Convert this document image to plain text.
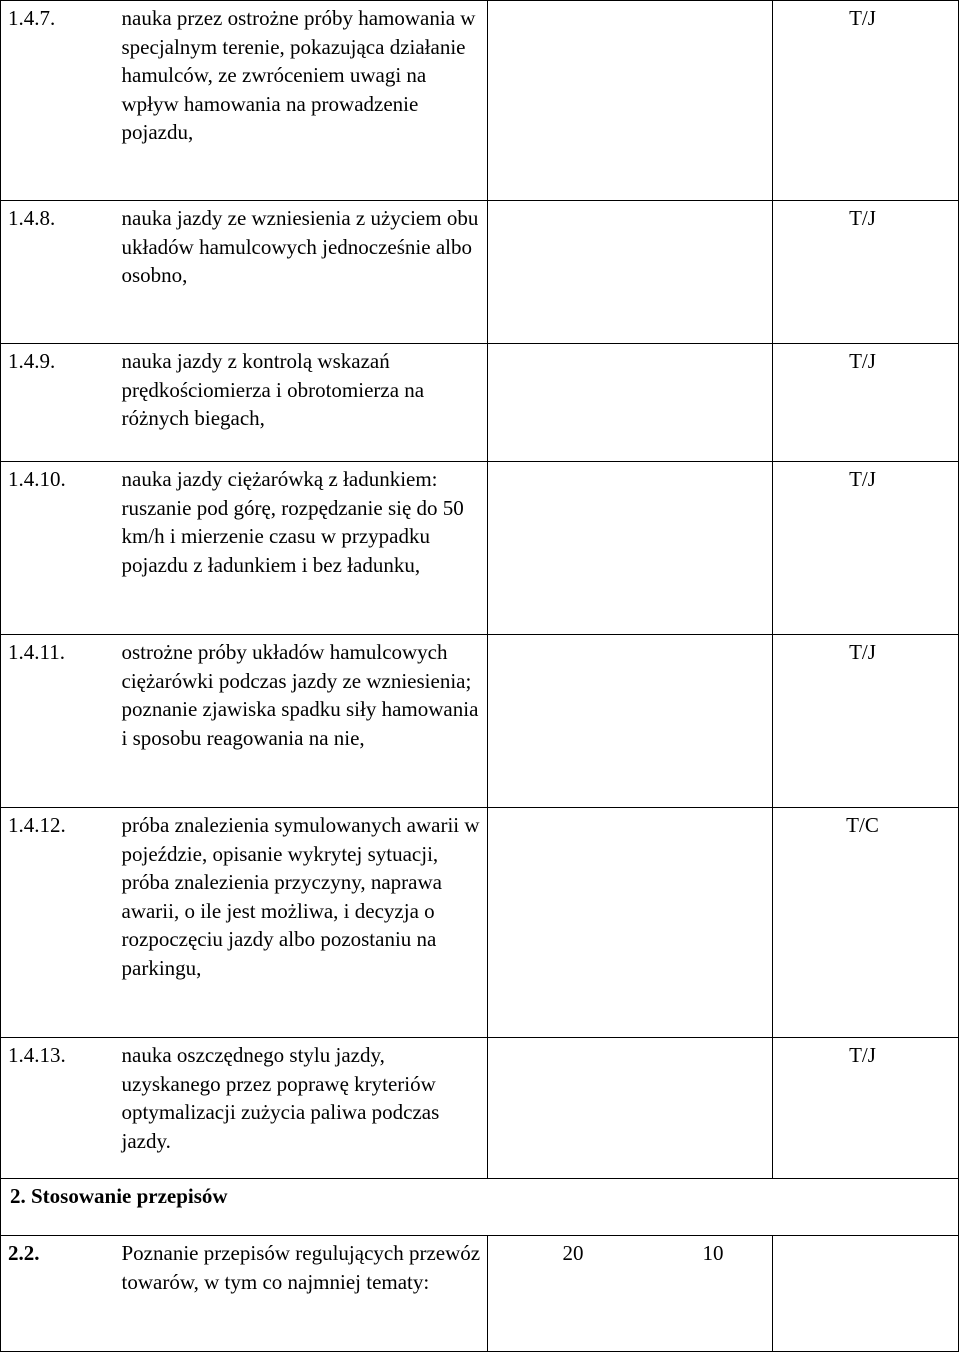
1.4.7.	nauka przez ostrożne próby hamowania w specjalnym terenie, pokazująca działanie hamulców, ze zwróceniem uwagi na wpływ hamowania na prowadzenie pojazdu,		T/J
1.4.8.	nauka jazdy ze wzniesienia z użyciem obu układów hamulcowych jednocześnie albo osobno,		T/J
1.4.9.	nauka jazdy z kontrolą wskazań prędkościomierza i obrotomierza na różnych biegach,		T/J
1.4.10.	nauka jazdy ciężarówką z ładunkiem: ruszanie pod górę, rozpędzanie się do 50 km/h i mierzenie czasu w przypadku pojazdu z ładunkiem i bez ładunku,		T/J
1.4.11.	ostrożne próby układów hamulcowych ciężarówki podczas jazdy ze wzniesienia; poznanie zjawiska spadku siły hamowania i sposobu reagowania na nie,		T/J
1.4.12.	próba znalezienia symulowanych awarii w pojeździe, opisanie wykrytej sytuacji, próba znalezienia przyczyny, naprawa awarii, o ile jest możliwa, i decyzja o rozpoczęciu jazdy albo pozostaniu na parkingu,		T/C
1.4.13.	nauka oszczędnego stylu jazdy, uzyskanego przez poprawę kryteriów optymalizacji zużycia paliwa podczas jazdy.		T/J
2. Stosowanie przepisów			
2.2.	Poznanie przepisów regulujących przewóz towarów, w tym co najmniej tematy:	20 10	
